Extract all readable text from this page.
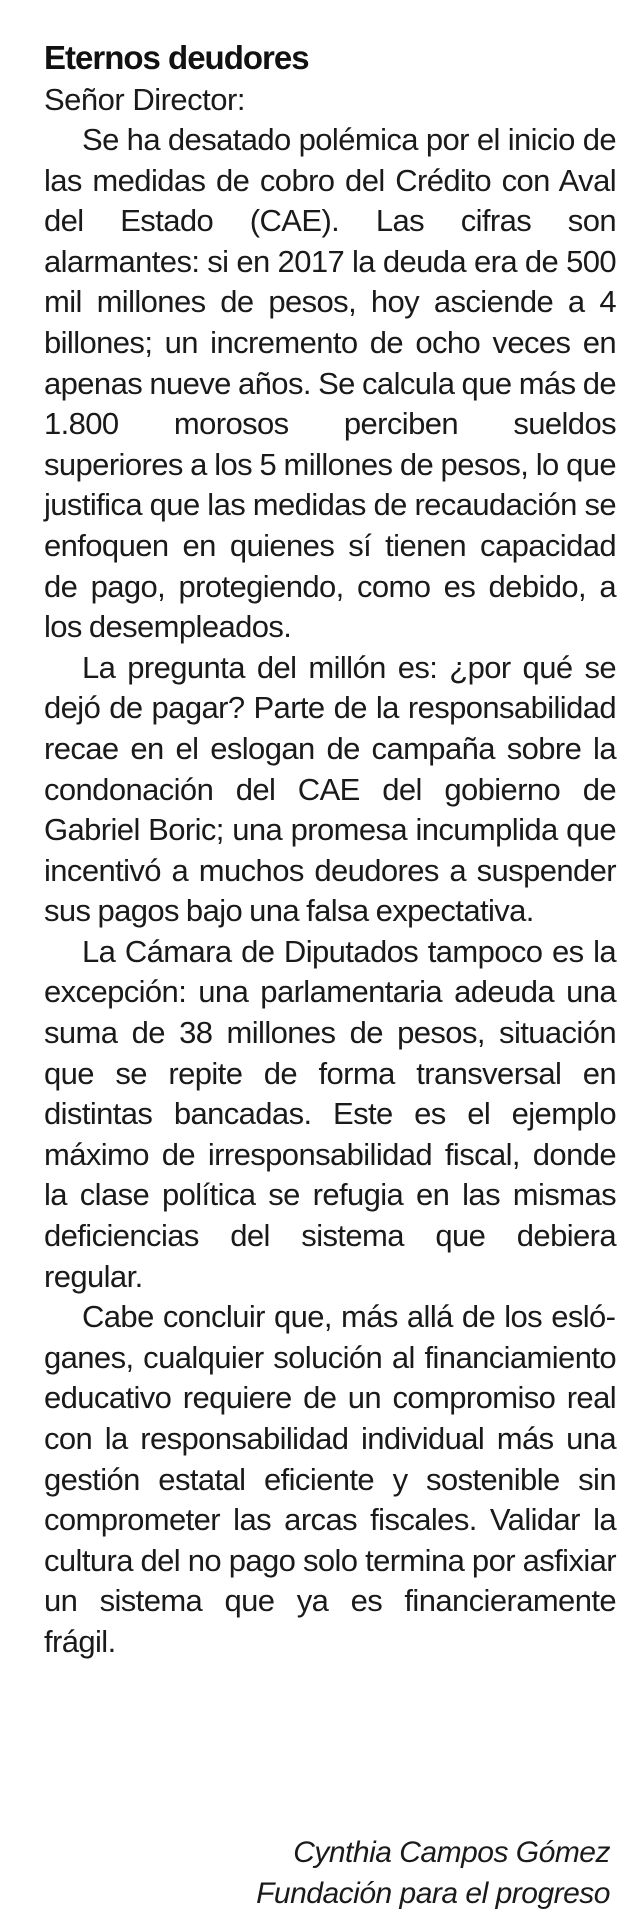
Eternos deudores
Señor Director:

Se ha desatado polémica por el inicio de las medidas de cobro del Crédito con Aval del Estado (CAE). Las cifras son alarmantes: si en 2017 la deuda era de 500 mil millones de pesos, hoy asciende a 4 billones; un incremento de ocho veces en apenas nueve años. Se calcula que más de 1.800 morosos perciben sueldos superiores a los 5 millones de pesos, lo que justifica que las medidas de recaudación se enfoquen en quienes sí tienen capacidad de pago, protegiendo, como es debido, a los desempleados.

La pregunta del millón es: ¿por qué se dejó de pagar? Parte de la responsabilidad recae en el eslogan de campaña sobre la condonación del CAE del gobierno de Gabriel Boric; una promesa incumplida que incentivó a muchos deudores a suspender sus pagos bajo una falsa expectativa.

La Cámara de Diputados tampoco es la excepción: una parlamentaria adeuda una suma de 38 millones de pesos, situación que se repite de forma transversal en distintas bancadas. Este es el ejemplo máximo de irresponsabilidad fiscal, donde la clase política se refugia en las mismas deficiencias del sistema que debiera regular.

Cabe concluir que, más allá de los eslóganes, cualquier solución al financiamiento educativo requiere de un compromiso real con la responsabilidad individual más una gestión estatal eficiente y sostenible sin comprometer las arcas fiscales. Validar la cultura del no pago solo termina por asfixiar un sistema que ya es financieramente frágil.

Cynthia Campos Gómez
Fundación para el progreso
